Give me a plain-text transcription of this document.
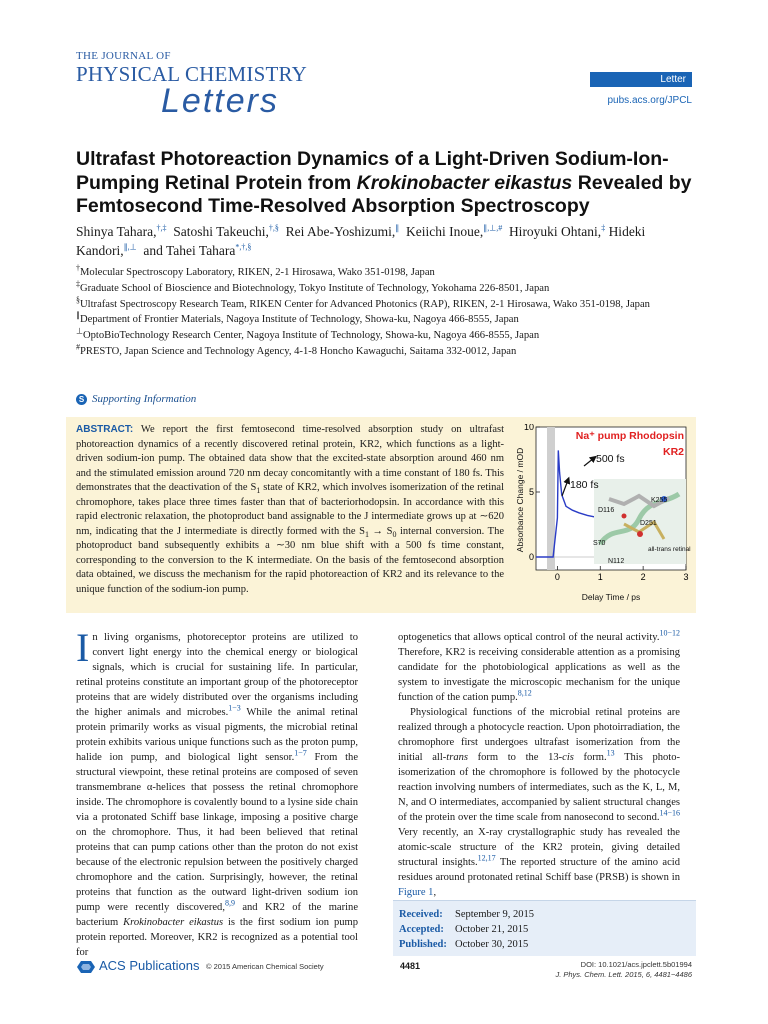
THE JOURNAL OF
PHYSICAL CHEMISTRY
Letters
Letter
pubs.acs.org/JPCL
Ultrafast Photoreaction Dynamics of a Light-Driven Sodium-Ion-Pumping Retinal Protein from Krokinobacter eikastus Revealed by Femtosecond Time-Resolved Absorption Spectroscopy
Shinya Tahara,†,‡ Satoshi Takeuchi,†,§ Rei Abe-Yoshizumi,∥ Keiichi Inoue,∥,⊥,# Hiroyuki Ohtani,‡ Hideki Kandori,∥,⊥ and Tahei Tahara*,†,§
†Molecular Spectroscopy Laboratory, RIKEN, 2-1 Hirosawa, Wako 351-0198, Japan
‡Graduate School of Bioscience and Biotechnology, Tokyo Institute of Technology, Yokohama 226-8501, Japan
§Ultrafast Spectroscopy Research Team, RIKEN Center for Advanced Photonics (RAP), RIKEN, 2-1 Hirosawa, Wako 351-0198, Japan
∥Department of Frontier Materials, Nagoya Institute of Technology, Showa-ku, Nagoya 466-8555, Japan
⊥OptoBioTechnology Research Center, Nagoya Institute of Technology, Showa-ku, Nagoya 466-8555, Japan
#PRESTO, Japan Science and Technology Agency, 4-1-8 Honcho Kawaguchi, Saitama 332-0012, Japan
S Supporting Information
ABSTRACT: We report the first femtosecond time-resolved absorption study on ultrafast photoreaction dynamics of a recently discovered retinal protein, KR2, which functions as a light-driven sodium-ion pump. The obtained data show that the excited-state absorption around 460 nm and the stimulated emission around 720 nm decay concomitantly with a time constant of 180 fs. This demonstrates that the deactivation of the $S_1$ state of KR2, which involves isomerization of the retinal chromophore, takes place three times faster than that of bacteriorhodopsin. In accordance with this rapid electronic relaxation, the photoproduct band assignable to the J intermediate grows up at ∼620 nm, indicating that the J intermediate is directly formed with the $S_1 \to S_0$ internal conversion. The photoproduct band subsequently exhibits a ∼30 nm blue shift with a 500 fs time constant, corresponding to the conversion to the K intermediate. On the basis of the femtosecond absorption data obtained, we discuss the mechanism for the rapid photoreaction of KR2 and its relevance to the unique function of the sodium-ion pump.
0	1	2	3
0
5
10
Na⁺ pump Rhodopsin
KR2
500 fs
180 fs
K255
D116
D251
S70
N112
all-trans retinal
Absorbance Change / mOD
Delay Time / ps

In living organisms, photoreceptor proteins are utilized to convert light energy into the chemical energy or biological signals, which is crucial for sustaining life. In particular, retinal proteins constitute an important group of the photoreceptor proteins that are widely distributed over the organisms including the higher animals and microbes.$^{1-3}$ While the animal retinal protein primarily works as visual pigments, the microbial retinal protein exhibits various unique functions such as the proton pump, halide ion pump, and biological light sensor.$^{1-7}$ From the structural viewpoint, these retinal proteins are composed of seven transmembrane α-helices that possess the retinal chromophore inside. The chromophore is covalently bound to a lysine side chain via a protonated Schiff base linkage, imposing a positive charge on the chromophore. Thus, it had been believed that retinal proteins that can pump cations other than the proton do not exist because of the electronic repulsion between the positively charged chromophore and the cation. Surprisingly, however, the retinal proteins that function as the outward light-driven sodium ion pump were recently discovered,$^{8,9}$ and KR2 of the marine bacterium Krokinobacter eikastus is the first sodium ion pump protein reported. Moreover, KR2 is recognized as a potential tool for

optogenetics that allows optical control of the neural activity.$^{10-12}$ Therefore, KR2 is receiving considerable attention as a promising candidate for the photobiological applications as well as the system to investigate the microscopic mechanism for the unique function of the cation pump.$^{8,12}$

Physiological functions of the microbial retinal proteins are realized through a photocycle reaction. Upon photoirradiation, the chromophore first undergoes ultrafast isomerization from the initial all-trans form to the 13-cis form.$^{13}$ This photo-isomerization of the chromophore is followed by the photocycle reaction involving numbers of intermediates, such as the K, L, M, N, and O intermediates, accompanied by salient structural changes of the protein over the time scale from nanosecond to second.$^{14-16}$ Very recently, an X-ray crystallographic study has revealed the atomic-scale structure of the KR2 protein, giving detailed structural insights.$^{12,17}$ The reported structure of the amino acid residues around protonated retinal Schiff base (PRSB) is shown in Figure 1,

Received: September 9, 2015
Accepted: October 21, 2015
Published: October 30, 2015
ACS Publications © 2015 American Chemical Society	4481	DOI: 10.1021/acs.jpclett.5b01994
J. Phys. Chem. Lett. 2015, 6, 4481−4486
